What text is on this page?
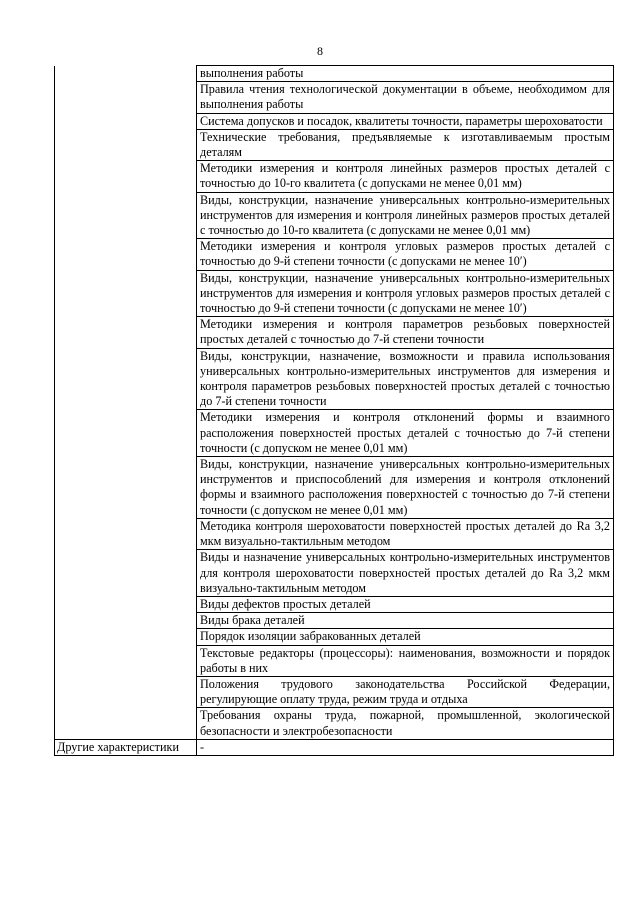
8
	выполнения работы
	Правила чтения технологической документации в объеме, необходимом для выполнения работы
	Система допусков и посадок, квалитеты точности, параметры шероховатости
	Технические требования, предъявляемые к изготавливаемым простым деталям
	Методики измерения и контроля линейных размеров простых деталей с точностью до 10-го квалитета (с допусками не менее 0,01 мм)
	Виды, конструкции, назначение универсальных контрольно-измерительных инструментов для измерения и контроля линейных размеров простых деталей с точностью до 10-го квалитета (с допусками не менее 0,01 мм)
	Методики измерения и контроля угловых размеров простых деталей с точностью до 9-й степени точности (с допусками не менее 10′)
	Виды, конструкции, назначение универсальных контрольно-измерительных инструментов для измерения и контроля угловых размеров простых деталей с точностью до 9-й степени точности (с допусками не менее 10′)
	Методики измерения и контроля параметров резьбовых поверхностей простых деталей с точностью до 7-й степени точности
	Виды, конструкции, назначение, возможности и правила использования универсальных контрольно-измерительных инструментов для измерения и контроля параметров резьбовых поверхностей простых деталей с точностью до 7-й степени точности
	Методики измерения и контроля отклонений формы и взаимного расположения поверхностей простых деталей с точностью до 7-й степени точности (с допуском не менее 0,01 мм)
	Виды, конструкции, назначение универсальных контрольно-измерительных инструментов и приспособлений для измерения и контроля отклонений формы и взаимного расположения поверхностей с точностью до 7-й степени точности (с допуском не менее 0,01 мм)
	Методика контроля шероховатости поверхностей простых деталей до Ra 3,2 мкм визуально-тактильным методом
	Виды и назначение универсальных контрольно-измерительных инструментов для контроля шероховатости поверхностей простых деталей до Ra 3,2 мкм визуально-тактильным методом
	Виды дефектов простых деталей
	Виды брака деталей
	Порядок изоляции забракованных деталей
	Текстовые редакторы (процессоры): наименования, возможности и порядок работы в них
	Положения трудового законодательства Российской Федерации, регулирующие оплату труда, режим труда и отдыха
	Требования охраны труда, пожарной, промышленной, экологической безопасности и электробезопасности
Другие характеристики	-
